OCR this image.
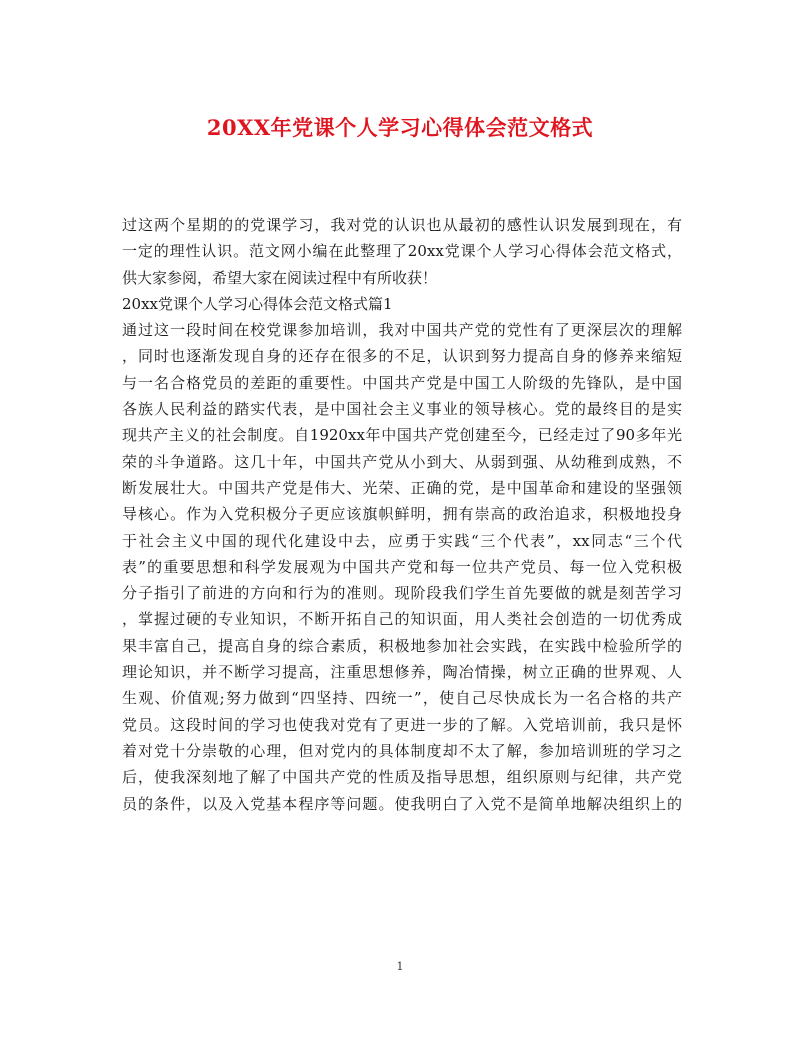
20XX年党课个人学习心得体会范文格式
过这两个星期的的党课学习，我对党的认识也从最初的感性认识发展到现在，有
一定的理性认识。范文网小编在此整理了20xx党课个人学习心得体会范文格式，
供大家参阅，希望大家在阅读过程中有所收获！
20xx党课个人学习心得体会范文格式篇1
通过这一段时间在校党课参加培训，我对中国共产党的党性有了更深层次的理解
，同时也逐渐发现自身的还存在很多的不足，认识到努力提高自身的修养来缩短
与一名合格党员的差距的重要性。中国共产党是中国工人阶级的先锋队，是中国
各族人民利益的踏实代表，是中国社会主义事业的领导核心。党的最终目的是实
现共产主义的社会制度。自1920xx年中国共产党创建至今，已经走过了90多年光
荣的斗争道路。这几十年，中国共产党从小到大、从弱到强、从幼稚到成熟，不
断发展壮大。中国共产党是伟大、光荣、正确的党，是中国革命和建设的坚强领
导核心。作为入党积极分子更应该旗帜鲜明，拥有崇高的政治追求，积极地投身
于社会主义中国的现代化建设中去，应勇于实践“三个代表”，xx同志“三个代
表”的重要思想和科学发展观为中国共产党和每一位共产党员、每一位入党积极
分子指引了前进的方向和行为的准则。现阶段我们学生首先要做的就是刻苦学习
，掌握过硬的专业知识，不断开拓自己的知识面，用人类社会创造的一切优秀成
果丰富自己，提高自身的综合素质，积极地参加社会实践，在实践中检验所学的
理论知识，并不断学习提高，注重思想修养，陶冶情操，树立正确的世界观、人
生观、价值观;努力做到“四坚持、四统一”，使自己尽快成长为一名合格的共产
党员。这段时间的学习也使我对党有了更进一步的了解。入党培训前，我只是怀
着对党十分崇敬的心理，但对党内的具体制度却不太了解，参加培训班的学习之
后，使我深刻地了解了中国共产党的性质及指导思想，组织原则与纪律，共产党
员的条件，以及入党基本程序等问题。使我明白了入党不是简单地解决组织上的
1
